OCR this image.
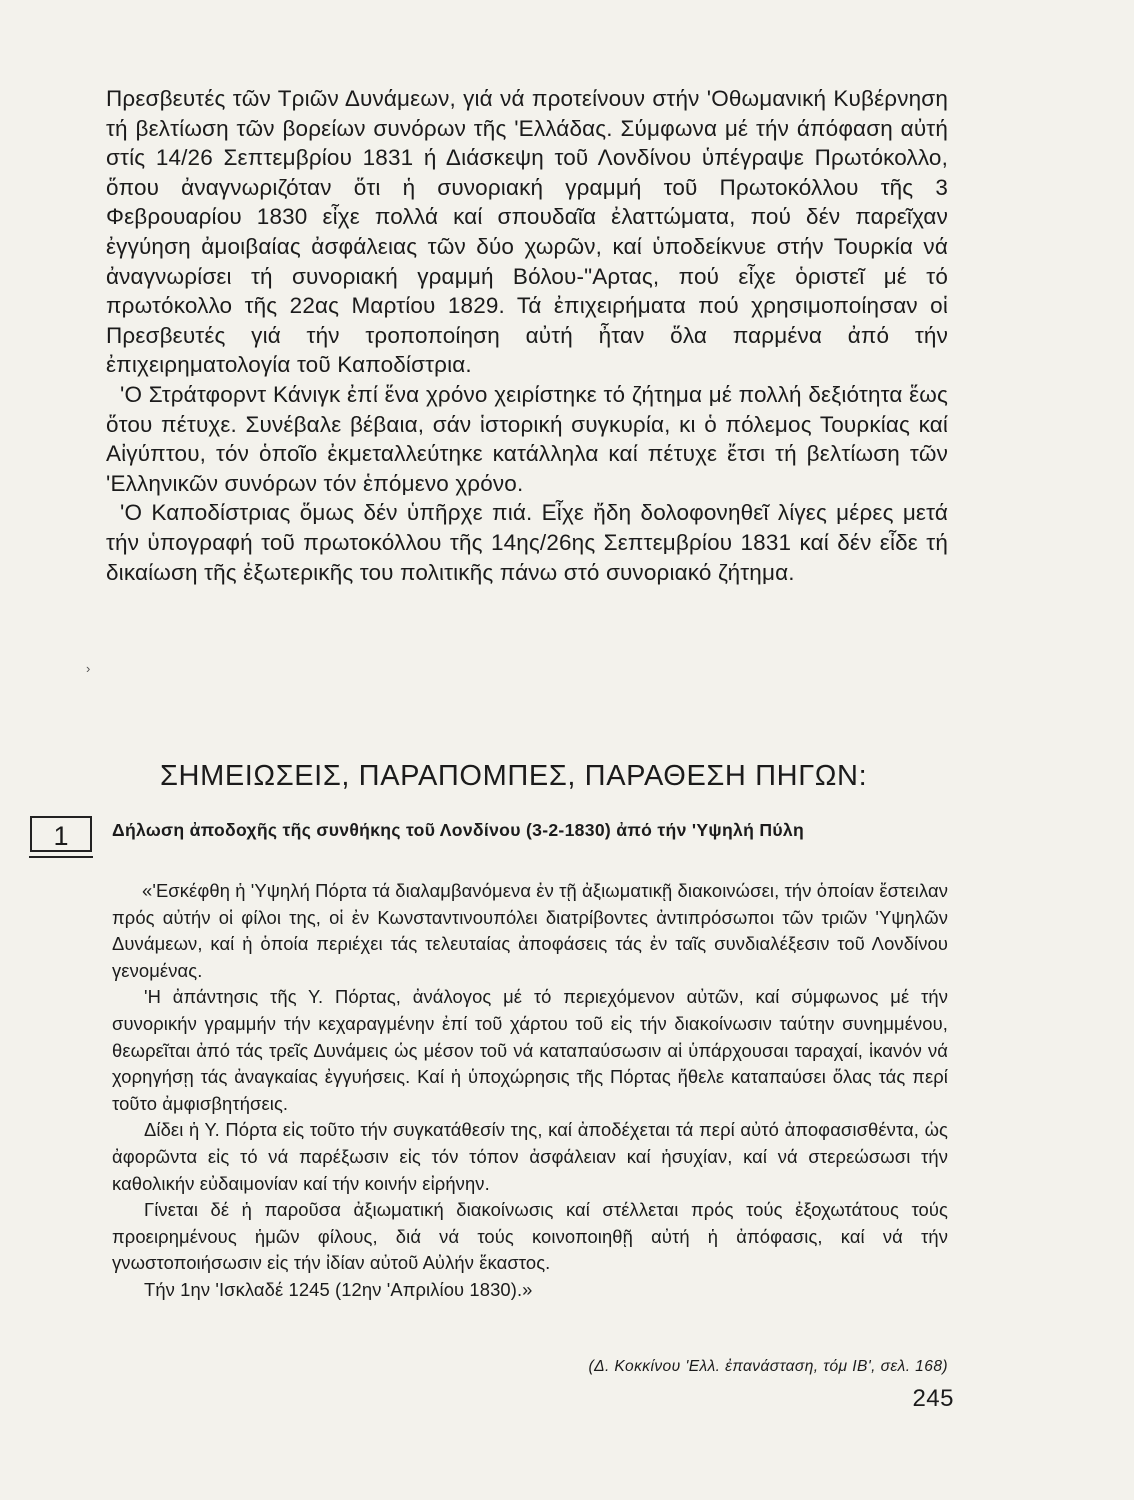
Πρεσβευτές τῶν Τριῶν Δυνάμεων, γιά νά προτείνουν στήν 'Οθωμανική Κυβέρνηση τή βελτίωση τῶν βορείων συνόρων τῆς 'Ελλάδας. Σύμφωνα μέ τήν άπόφαση αὐτή στίς 14/26 Σεπτεμβρίου 1831 ή Διάσκεψη τοῦ Λονδίνου ὑπέγραψε Πρωτόκολλο, ὅπου ἀναγνωριζόταν ὅτι ἡ συνοριακή γραμμή τοῦ Πρωτοκόλλου τῆς 3 Φεβρουαρίου 1830 εἶχε πολλά καί σπουδαῖα ἐλαττώματα, πού δέν παρεῖχαν ἐγγύηση ἀμοιβαίας ἀσφάλειας τῶν δύο χωρῶν, καί ὑποδείκνυε στήν Τουρκία νά ἀναγνωρίσει τή συνοριακή γραμμή Βόλου-"Αρτας, πού εἶχε ὁριστεῖ μέ τό πρωτόκολλο τῆς 22ας Μαρτίου 1829. Τά ἐπιχειρήματα πού χρησιμοποίησαν οἱ Πρεσβευτές γιά τήν τροποποίηση αὐτή ἦταν ὅλα παρμένα ἀπό τήν ἐπιχειρηματολογία τοῦ Καποδίστρια.

'Ο Στράτφορντ Κάνιγκ ἐπί ἕνα χρόνο χειρίστηκε τό ζήτημα μέ πολλή δεξιότητα ἕως ὅτου πέτυχε. Συνέβαλε βέβαια, σάν ἱστορική συγκυρία, κι ὁ πόλεμος Τουρκίας καί Αἰγύπτου, τόν ὁποῖο ἐκμεταλλεύτηκε κατάλληλα καί πέτυχε ἔτσι τή βελτίωση τῶν 'Ελληνικῶν συνόρων τόν ἑπόμενο χρόνο.

'Ο Καποδίστριας ὅμως δέν ὑπῆρχε πιά. Εἶχε ἤδη δολοφονηθεῖ λίγες μέρες μετά τήν ὑπογραφή τοῦ πρωτοκόλλου τῆς 14ης/26ης Σεπτεμβρίου 1831 καί δέν εἶδε τή δικαίωση τῆς ἐξωτερικῆς του πολιτικῆς πάνω στό συνοριακό ζήτημα.

›
ΣΗΜΕΙΩΣΕΙΣ, ΠΑΡΑΠΟΜΠΕΣ, ΠΑΡΑΘΕΣΗ ΠΗΓΩΝ:
1	Δήλωση ἀποδοχῆς τῆς συνθήκης τοῦ Λονδίνου (3-2-1830) ἀπό τήν 'Υψηλή Πύλη

«'Εσκέφθη ἡ 'Υψηλή Πόρτα τά διαλαμβανόμενα ἐν τῇ ἀξιωματικῇ διακοινώσει, τήν ὁποίαν ἔστειλαν πρός αὐτήν οἱ φίλοι της, οἱ ἐν Κωνσταντινουπόλει διατρίβοντες ἀντιπρόσωποι τῶν τριῶν 'Υψηλῶν Δυνάμεων, καί ἡ ὁποία περιέχει τάς τελευταίας ἀποφάσεις τάς ἐν ταῖς συνδιαλέξεσιν τοῦ Λονδίνου γενομένας.

'Η ἀπάντησις τῆς Υ. Πόρτας, ἀνάλογος μέ τό περιεχόμενον αὐτῶν, καί σύμφωνος μέ τήν συνορικήν γραμμήν τήν κεχαραγμένην ἐπί τοῦ χάρτου τοῦ εἰς τήν διακοίνωσιν ταύτην συνημμένου, θεωρεῖται ἀπό τάς τρεῖς Δυνάμεις ὡς μέσον τοῦ νά καταπαύσωσιν αἱ ὑπάρχουσαι ταραχαί, ἱκανόν νά χορηγήσῃ τάς ἀναγκαίας ἐγγυήσεις. Καί ἡ ὑποχώρησις τῆς Πόρτας ἤθελε καταπαύσει ὅλας τάς περί τοῦτο ἀμφισβητήσεις.

Δίδει ἡ Υ. Πόρτα εἰς τοῦτο τήν συγκατάθεσίν της, καί ἀποδέχεται τά περί αὐτό ἀποφασισθέντα, ὡς ἀφορῶντα εἰς τό νά παρέξωσιν εἰς τόν τόπον ἀσφάλειαν καί ἡσυχίαν, καί νά στερεώσωσι τήν καθολικήν εὐδαιμονίαν καί τήν κοινήν εἰρήνην.

Γίνεται δέ ἡ παροῦσα ἀξιωματική διακοίνωσις καί στέλλεται πρός τούς ἐξοχωτάτους τούς προειρημένους ἡμῶν φίλους, διά νά τούς κοινοποιηθῇ αὐτή ἡ ἀπόφασις, καί νά τήν γνωστοποιήσωσιν εἰς τήν ἰδίαν αὐτοῦ Αὐλήν ἕκαστος.

Τήν 1ην 'Ισκλαδέ 1245 (12ην 'Απριλίου 1830).»

(Δ. Κοκκίνου 'Ελλ. ἐπανάσταση, τόμ ΙΒ', σελ. 168)
245
